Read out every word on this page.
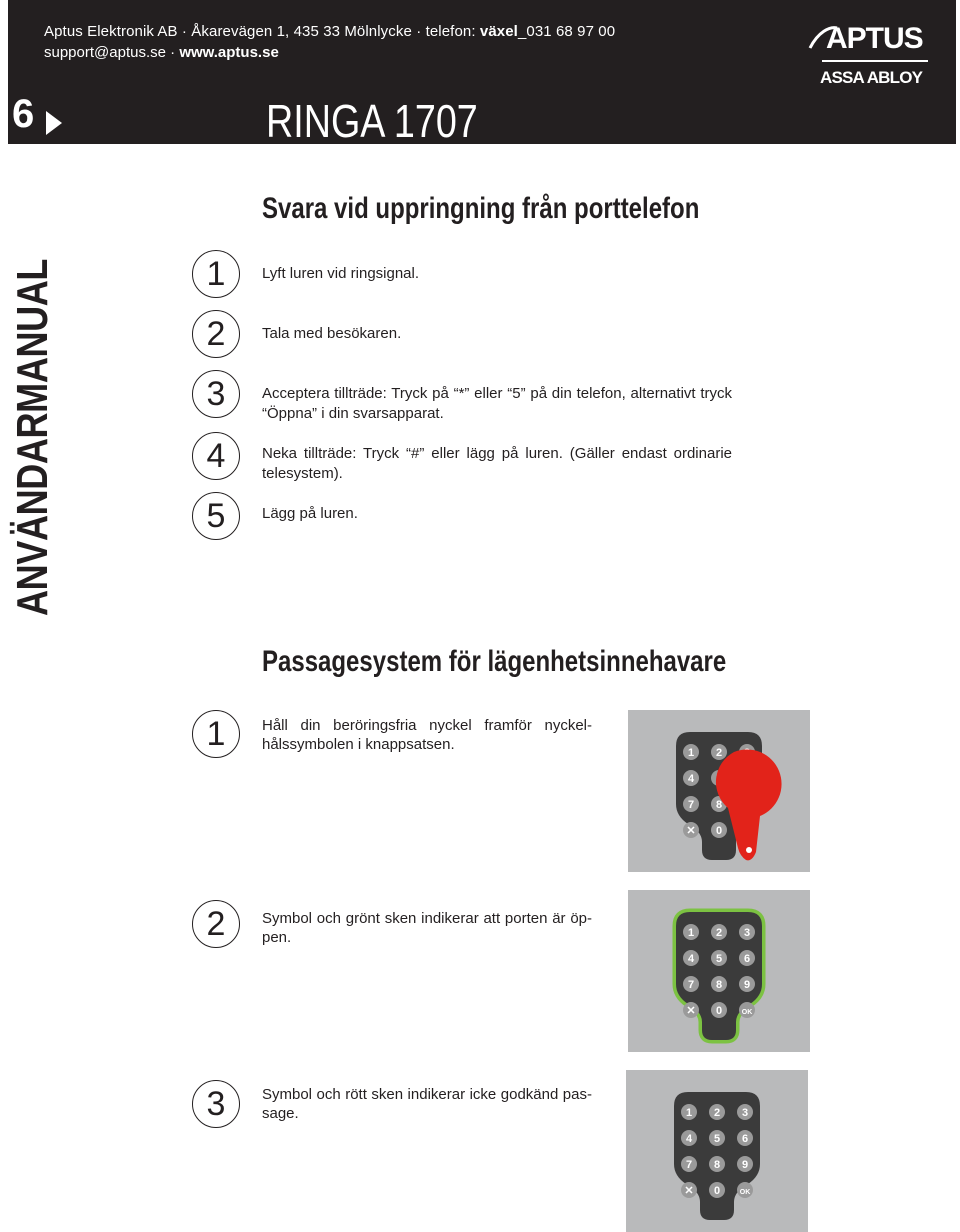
Aptus Elektronik AB · Åkarevägen 1, 435 33 Mölnlycke · telefon: växel_031 68 97 00
support@aptus.se · www.aptus.se	APTUS
ASSA ABLOY
6	RINGA 1707
ANVÄNDARMANUAL
Svara vid uppringning från porttelefon
1	Lyft luren vid ringsignal.
2	Tala med besökaren.
3	Acceptera tillträde: Tryck på “*” eller “5” på din telefon, alternativt tryck “Öppna” i din svarsapparat.
4	Neka tillträde: Tryck “#” eller lägg på luren. (Gäller endast ordinarie telesystem).
5	Lägg på luren.
Passagesystem för lägenhetsinnehavare
1	Håll din beröringsfria nyckel framför nyckel-hålssymbolen i knappsatsen.
2	Symbol och grönt sken indikerar att porten är öp-pen.
3	Symbol och rött sken indikerar icke godkänd pas-sage.
1 2
4
7 8
✕ 0
1 2 3
4 5 6
7 8 9
✕ 0	OK
1 2 3
4 5 6
7 8 9
✕ 0	OK
